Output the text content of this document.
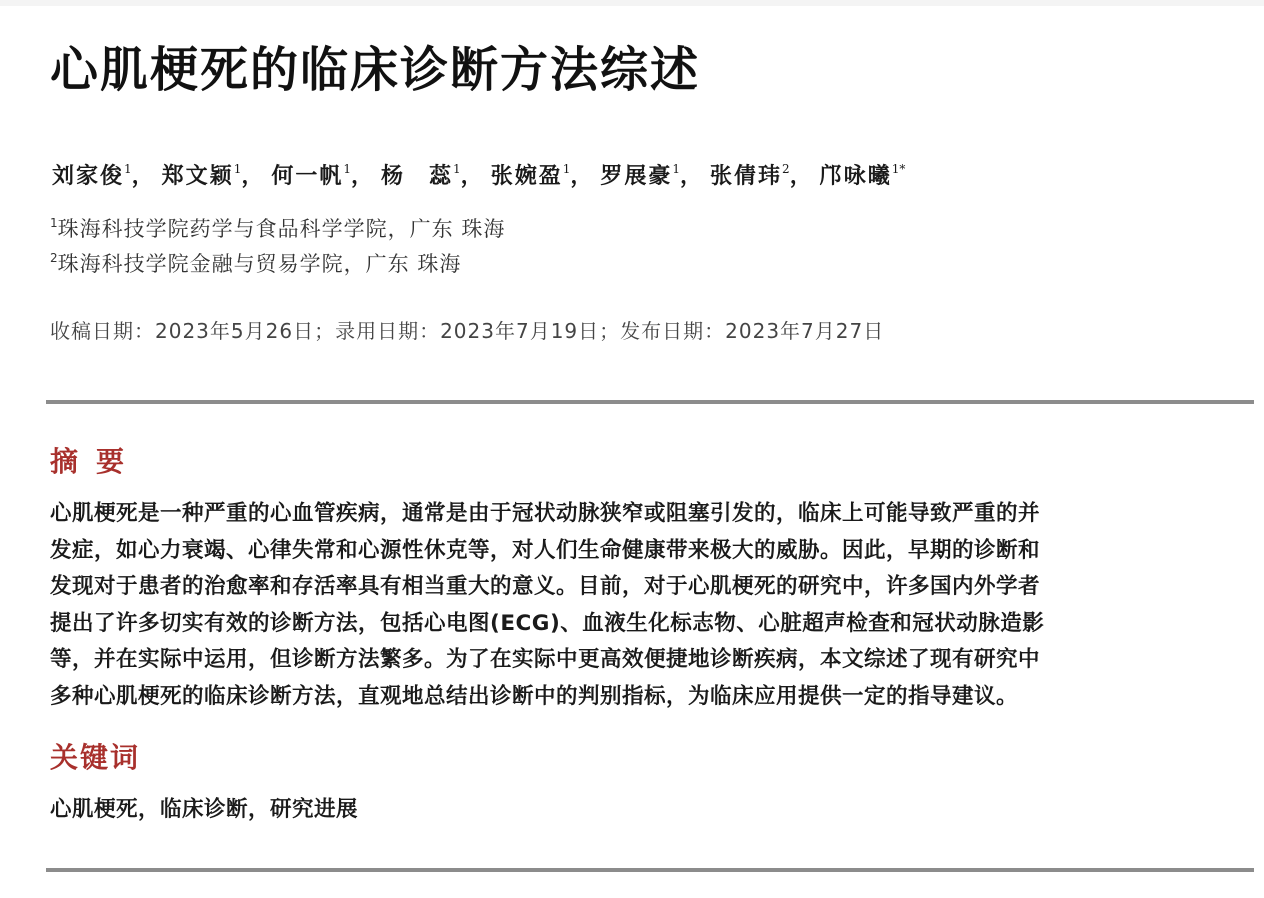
心肌梗死的临床诊断方法综述
刘家俊$^1$， 郑文颖$^1$， 何一帆$^1$， 杨　蕊$^1$， 张婉盈$^1$， 罗展豪$^1$， 张倩玮$^2$， 邝咏曦$^{1*}$
$^1$珠海科技学院药学与食品科学学院，广东 珠海
$^2$珠海科技学院金融与贸易学院，广东 珠海
收稿日期：2023年5月26日；录用日期：2023年7月19日；发布日期：2023年7月27日
摘要
心肌梗死是一种严重的心血管疾病，通常是由于冠状动脉狭窄或阻塞引发的，临床上可能导致严重的并
发症，如心力衰竭、心律失常和心源性休克等，对人们生命健康带来极大的威胁。因此，早期的诊断和
发现对于患者的治愈率和存活率具有相当重大的意义。目前，对于心肌梗死的研究中，许多国内外学者
提出了许多切实有效的诊断方法，包括心电图(ECG)、血液生化标志物、心脏超声检查和冠状动脉造影
等，并在实际中运用，但诊断方法繁多。为了在实际中更高效便捷地诊断疾病，本文综述了现有研究中
多种心肌梗死的临床诊断方法，直观地总结出诊断中的判别指标，为临床应用提供一定的指导建议。
关键词
心肌梗死，临床诊断，研究进展
